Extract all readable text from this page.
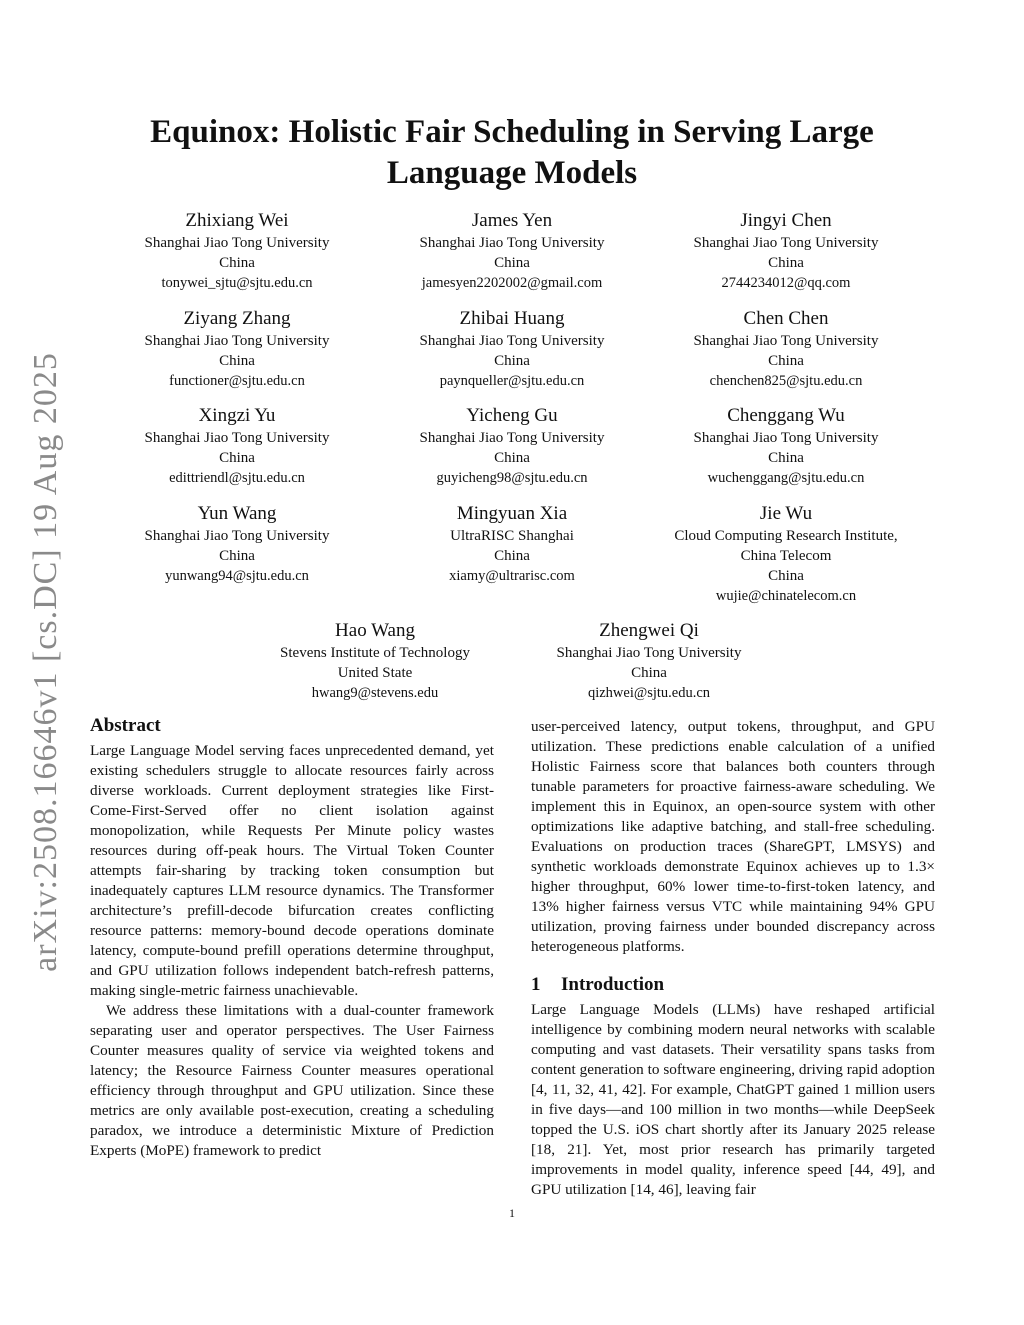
arXiv:2508.16646v1 [cs.DC] 19 Aug 2025
Equinox: Holistic Fair Scheduling in Serving Large Language Models
Zhixiang Wei
Shanghai Jiao Tong University
China
tonywei_sjtu@sjtu.edu.cn
James Yen
Shanghai Jiao Tong University
China
jamesyen2202002@gmail.com
Jingyi Chen
Shanghai Jiao Tong University
China
2744234012@qq.com
Ziyang Zhang
Shanghai Jiao Tong University
China
functioner@sjtu.edu.cn
Zhibai Huang
Shanghai Jiao Tong University
China
paynqueller@sjtu.edu.cn
Chen Chen
Shanghai Jiao Tong University
China
chenchen825@sjtu.edu.cn
Xingzi Yu
Shanghai Jiao Tong University
China
edittriendl@sjtu.edu.cn
Yicheng Gu
Shanghai Jiao Tong University
China
guyicheng98@sjtu.edu.cn
Chenggang Wu
Shanghai Jiao Tong University
China
wuchenggang@sjtu.edu.cn
Yun Wang
Shanghai Jiao Tong University
China
yunwang94@sjtu.edu.cn
Mingyuan Xia
UltraRISC Shanghai
China
xiamy@ultrarisc.com
Jie Wu
Cloud Computing Research Institute,
China Telecom
China
wujie@chinatelecom.cn
Hao Wang
Stevens Institute of Technology
United State
hwang9@stevens.edu
Zhengwei Qi
Shanghai Jiao Tong University
China
qizhwei@sjtu.edu.cn
Abstract

Large Language Model serving faces unprecedented demand, yet existing schedulers struggle to allocate resources fairly across diverse workloads. Current deployment strategies like First-Come-First-Served offer no client isolation against monopolization, while Requests Per Minute policy wastes resources during off-peak hours. The Virtual Token Counter attempts fair-sharing by tracking token consumption but inadequately captures LLM resource dynamics. The Transformer architecture’s prefill-decode bifurcation creates conflicting resource patterns: memory-bound decode operations dominate latency, compute-bound prefill operations determine throughput, and GPU utilization follows independent batch-refresh patterns, making single-metric fairness unachievable.

We address these limitations with a dual-counter framework separating user and operator perspectives. The User Fairness Counter measures quality of service via weighted tokens and latency; the Resource Fairness Counter measures operational efficiency through throughput and GPU utilization. Since these metrics are only available post-execution, creating a scheduling paradox, we introduce a deterministic Mixture of Prediction Experts (MoPE) framework to predict

user-perceived latency, output tokens, throughput, and GPU utilization. These predictions enable calculation of a unified Holistic Fairness score that balances both counters through tunable parameters for proactive fairness-aware scheduling. We implement this in Equinox, an open-source system with other optimizations like adaptive batching, and stall-free scheduling. Evaluations on production traces (ShareGPT, LMSYS) and synthetic workloads demonstrate Equinox achieves up to 1.3× higher throughput, 60% lower time-to-first-token latency, and 13% higher fairness versus VTC while maintaining 94% GPU utilization, proving fairness under bounded discrepancy across heterogeneous platforms.

1 Introduction

Large Language Models (LLMs) have reshaped artificial intelligence by combining modern neural networks with scalable computing and vast datasets. Their versatility spans tasks from content generation to software engineering, driving rapid adoption [4, 11, 32, 41, 42]. For example, ChatGPT gained 1 million users in five days—and 100 million in two months—while DeepSeek topped the U.S. iOS chart shortly after its January 2025 release [18, 21]. Yet, most prior research has primarily targeted improvements in model quality, inference speed [44, 49], and GPU utilization [14, 46], leaving fair

1
